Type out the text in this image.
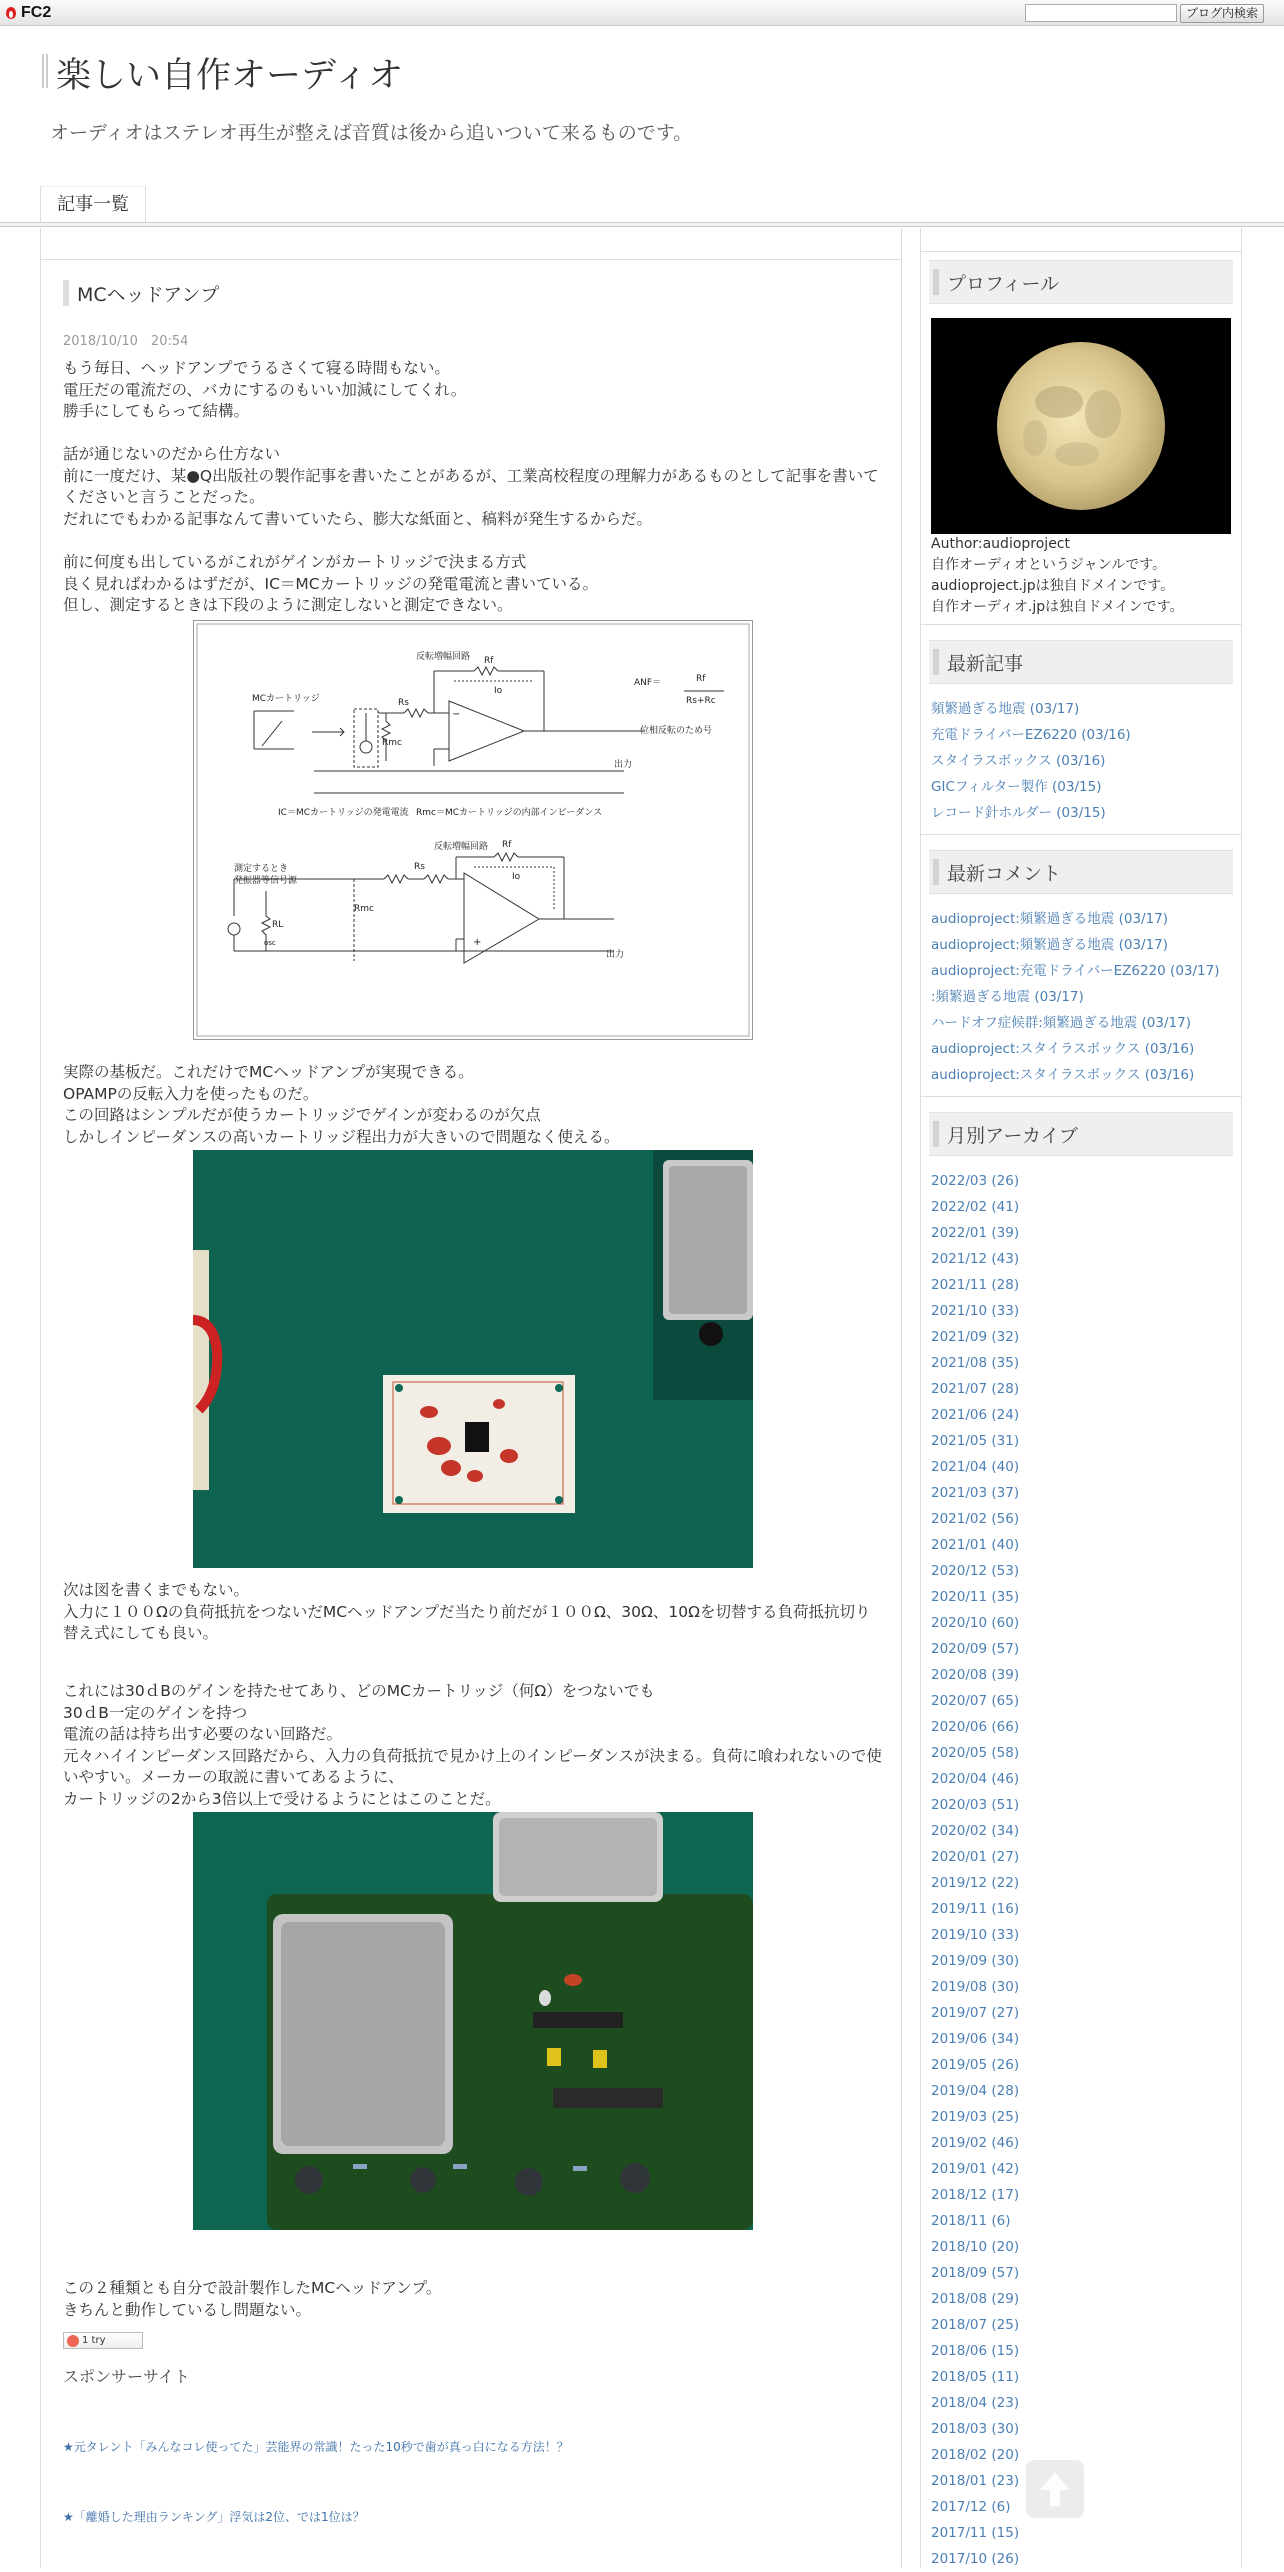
FC2	ブログ内検索
楽しい自作オーディオ
オーディオはステレオ再生が整えば音質は後から追いついて来るものです。
記事一覧
MCヘッドアンプ
2018/10/10　20:54
もう毎日、ヘッドアンプでうるさくて寝る時間もない。
電圧だの電流だの、バカにするのもいい加減にしてくれ。
勝手にしてもらって結構。
話が通じないのだから仕方ない
前に一度だけ、某●Q出版社の製作記事を書いたことがあるが、工業高校程度の理解力があるものとして記事を書いてくださいと言うことだった。
だれにでもわかる記事なんて書いていたら、膨大な紙面と、稿料が発生するからだ。
前に何度も出しているがこれがゲインがカートリッジで決まる方式
良く見ればわかるはずだが、IC＝MCカートリッジの発電電流と書いている。
但し、測定するときは下段のように測定しないと測定できない。
反転増幅回路
MCカートリッジ	Rs
Rf
Io
Rmc
出力
ANF＝	Rf
Rs+Rc
位相反転のため号
IC＝MCカートリッジの発電電流 Rmc＝MCカートリッジの内部インピーダンス
反転増幅回路
測定するとき
発振器等信号源
RL
osc
Rmc
Rs
Rf
Io
出力
+
−
実際の基板だ。これだけでMCヘッドアンプが実現できる。
OPAMPの反転入力を使ったものだ。
この回路はシンプルだが使うカートリッジでゲインが変わるのが欠点
しかしインピーダンスの高いカートリッジ程出力が大きいので問題なく使える。
次は図を書くまでもない。
入力に１００Ωの負荷抵抗をつないだMCヘッドアンプだ当たり前だが１００Ω、30Ω、10Ωを切替する負荷抵抗切り替え式にしても良い。
これには30ｄBのゲインを持たせてあり、どのMCカートリッジ（何Ω）をつないでも
30ｄB一定のゲインを持つ
電流の話は持ち出す必要のない回路だ。
元々ハイインピーダンス回路だから、入力の負荷抵抗で見かけ上のインピーダンスが決まる。負荷に喰われないので使いやすい。メーカーの取説に書いてあるように、
カートリッジの2から3倍以上で受けるようにとはこのことだ。
この２種類とも自分で設計製作したMCヘッドアンプ。
きちんと動作しているし問題ない。
1 try
スポンサーサイト
★元タレント「みんなコレ使ってた」芸能界の常識！たった10秒で歯が真っ白になる方法！？
★「離婚した理由ランキング」浮気は2位、では1位は？
プロフィール
Author:audioproject
自作オーディオというジャンルです。
audioproject.jpは独自ドメインです。
自作オーディオ.jpは独自ドメインです。
最新記事
頻繁過ぎる地震 (03/17)
充電ドライバーEZ6220 (03/16)
スタイラスボックス (03/16)
GICフィルター製作 (03/15)
レコード針ホルダー (03/15)
最新コメント
audioproject:頻繁過ぎる地震 (03/17)
audioproject:頻繁過ぎる地震 (03/17)
audioproject:充電ドライバーEZ6220 (03/17)
:頻繁過ぎる地震 (03/17)
ハードオフ症候群:頻繁過ぎる地震 (03/17)
audioproject:スタイラスボックス (03/16)
audioproject:スタイラスボックス (03/16)
月別アーカイブ
2022/03 (26)
2022/02 (41)
2022/01 (39)
2021/12 (43)
2021/11 (28)
2021/10 (33)
2021/09 (32)
2021/08 (35)
2021/07 (28)
2021/06 (24)
2021/05 (31)
2021/04 (40)
2021/03 (37)
2021/02 (56)
2021/01 (40)
2020/12 (53)
2020/11 (35)
2020/10 (60)
2020/09 (57)
2020/08 (39)
2020/07 (65)
2020/06 (66)
2020/05 (58)
2020/04 (46)
2020/03 (51)
2020/02 (34)
2020/01 (27)
2019/12 (22)
2019/11 (16)
2019/10 (33)
2019/09 (30)
2019/08 (30)
2019/07 (27)
2019/06 (34)
2019/05 (26)
2019/04 (28)
2019/03 (25)
2019/02 (46)
2019/01 (42)
2018/12 (17)
2018/11 (6)
2018/10 (20)
2018/09 (57)
2018/08 (29)
2018/07 (25)
2018/06 (15)
2018/05 (11)
2018/04 (23)
2018/03 (30)
2018/02 (20)
2018/01 (23)
2017/12 (6)
2017/11 (15)
2017/10 (26)
